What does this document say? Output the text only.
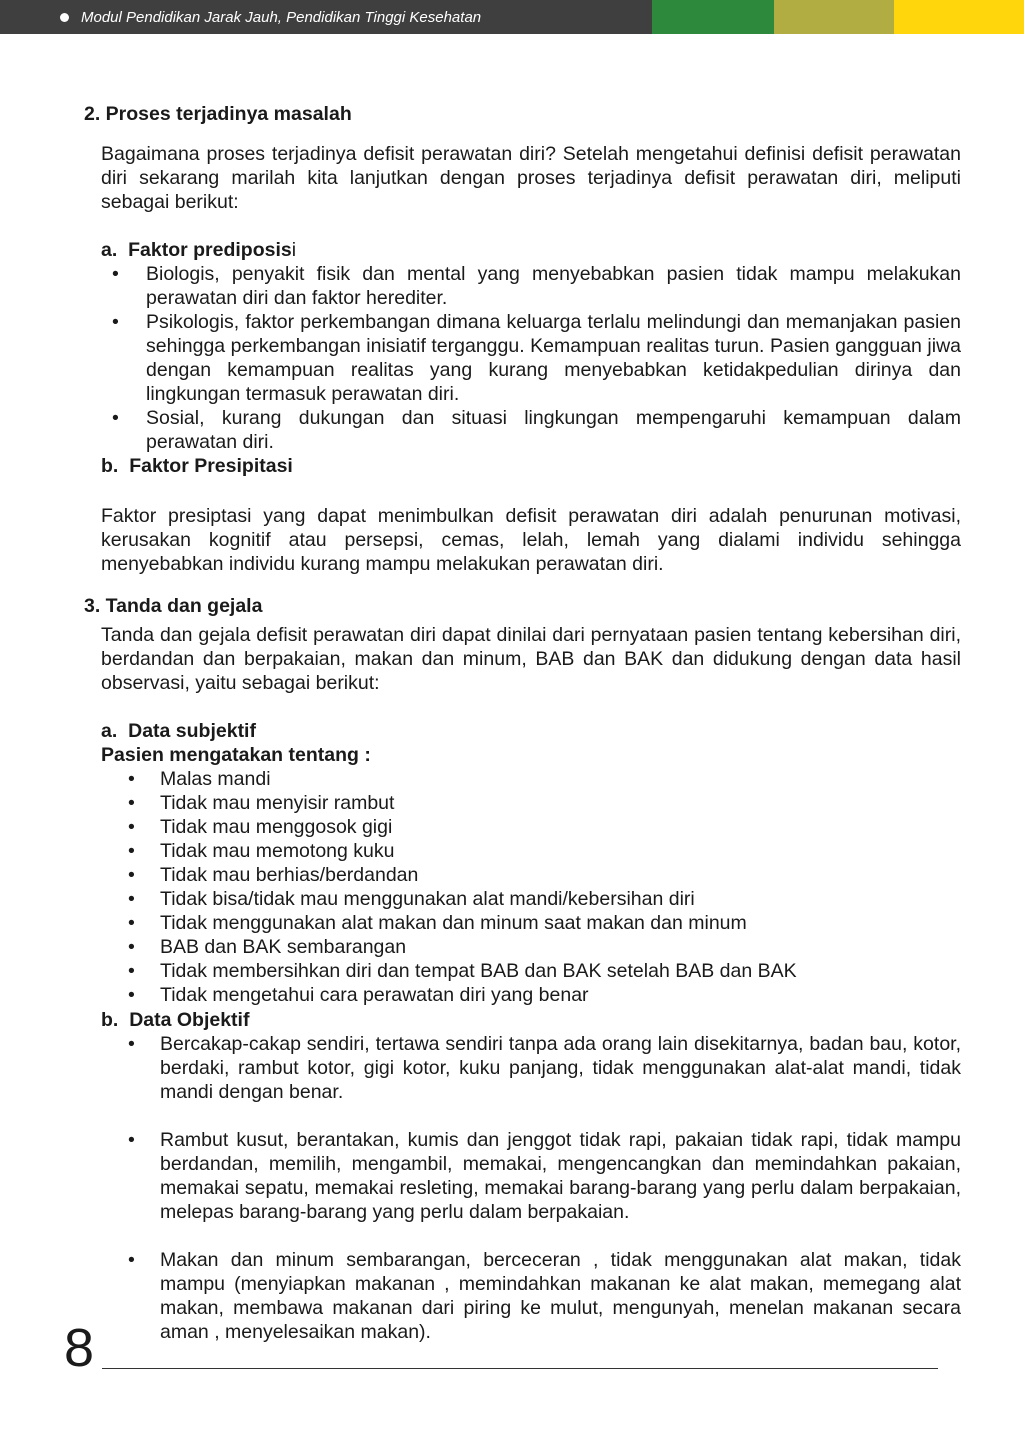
Modul Pendidikan Jarak Jauh, Pendidikan Tinggi Kesehatan
2. Proses terjadinya masalah
Bagaimana proses terjadinya defisit perawatan diri? Setelah mengetahui definisi defisit perawatan diri sekarang marilah kita lanjutkan dengan proses terjadinya defisit perawatan diri, meliputi sebagai berikut:
a. Faktor prediposisi
• Biologis, penyakit fisik dan mental yang menyebabkan pasien tidak mampu melakukan perawatan diri dan faktor herediter.
• Psikologis, faktor perkembangan dimana keluarga terlalu melindungi dan memanjakan pasien sehingga perkembangan inisiatif terganggu. Kemampuan realitas turun. Pasien gangguan jiwa dengan kemampuan realitas yang kurang menyebabkan ketidakpedulian dirinya dan lingkungan termasuk perawatan diri.
• Sosial, kurang dukungan dan situasi lingkungan mempengaruhi kemampuan dalam perawatan diri.
b. Faktor Presipitasi
Faktor presiptasi yang dapat menimbulkan defisit perawatan diri adalah penurunan motivasi, kerusakan kognitif atau persepsi, cemas, lelah, lemah yang dialami individu sehingga menyebabkan individu kurang mampu melakukan perawatan diri.
3. Tanda dan gejala
Tanda dan gejala defisit perawatan diri dapat dinilai dari pernyataan pasien tentang kebersihan diri, berdandan dan berpakaian, makan dan minum, BAB dan BAK dan didukung dengan data hasil observasi, yaitu sebagai berikut:
a. Data subjektif
Pasien mengatakan tentang :
• Malas mandi
• Tidak mau menyisir rambut
• Tidak mau menggosok gigi
• Tidak mau memotong kuku
• Tidak mau berhias/berdandan
• Tidak bisa/tidak mau menggunakan alat mandi/kebersihan diri
• Tidak menggunakan alat makan dan minum saat makan dan minum
• BAB dan BAK sembarangan
• Tidak membersihkan diri dan tempat BAB dan BAK setelah BAB dan BAK
• Tidak mengetahui cara perawatan diri yang benar
b. Data Objektif
• Bercakap-cakap sendiri, tertawa sendiri tanpa ada orang lain disekitarnya, badan bau, kotor, berdaki, rambut kotor, gigi kotor, kuku panjang, tidak menggunakan alat-alat mandi, tidak mandi dengan benar.
• Rambut kusut, berantakan, kumis dan jenggot tidak rapi, pakaian tidak rapi, tidak mampu berdandan, memilih, mengambil, memakai, mengencangkan dan memindahkan pakaian, memakai sepatu, memakai resleting, memakai barang-barang yang perlu dalam berpakaian, melepas barang-barang yang perlu dalam berpakaian.
• Makan dan minum sembarangan, berceceran , tidak menggunakan alat makan, tidak mampu (menyiapkan makanan , memindahkan makanan ke alat makan, memegang alat makan, membawa makanan dari piring ke mulut, mengunyah, menelan makanan secara aman , menyelesaikan makan).
8
